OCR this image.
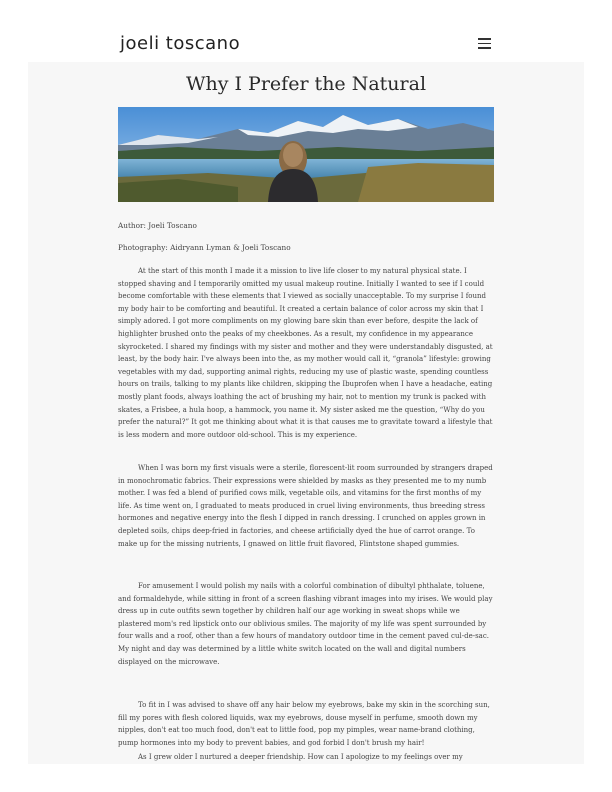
joeli toscano
Why I Prefer the Natural
Author: Joeli Toscano
Photography: Aidryann Lyman & Joeli Toscano

At the start of this month I made it a mission to live life closer to my natural physical state. I stopped shaving and I temporarily omitted my usual makeup routine. Initially I wanted to see if I could become comfortable with these elements that I viewed as socially unacceptable. To my surprise I found my body hair to be comforting and beautiful. It created a certain balance of color across my skin that I simply adored. I got more compliments on my glowing bare skin than ever before, despite the lack of highlighter brushed onto the peaks of my cheekbones. As a result, my confidence in my appearance skyrocketed. I shared my findings with my sister and mother and they were understandably disgusted, at least, by the body hair. I've always been into the, as my mother would call it, “granola” lifestyle: growing vegetables with my dad, supporting animal rights, reducing my use of plastic waste, spending countless hours on trails, talking to my plants like children, skipping the Ibuprofen when I have a headache, eating mostly plant foods, always loathing the act of brushing my hair, not to mention my trunk is packed with skates, a Frisbee, a hula hoop, a hammock, you name it. My sister asked me the question, “Why do you prefer the natural?” It got me thinking about what it is that causes me to gravitate toward a lifestyle that is less modern and more outdoor old-school. This is my experience.

When I was born my first visuals were a sterile, florescent-lit room surrounded by strangers draped in monochromatic fabrics. Their expressions were shielded by masks as they presented me to my numb mother. I was fed a blend of purified cows milk, vegetable oils, and vitamins for the first months of my life. As time went on, I graduated to meats produced in cruel living environments, thus breeding stress hormones and negative energy into the flesh I dipped in ranch dressing. I crunched on apples grown in depleted soils, chips deep-fried in factories, and cheese artificially dyed the hue of carrot orange. To make up for the missing nutrients, I gnawed on little fruit flavored, Flintstone shaped gummies.

For amusement I would polish my nails with a colorful combination of dibultyl phthalate, toluene, and formaldehyde, while sitting in front of a screen flashing vibrant images into my irises. We would play dress up in cute outfits sewn together by children half our age working in sweat shops while we plastered mom's red lipstick onto our oblivious smiles. The majority of my life was spent surrounded by four walls and a roof, other than a few hours of mandatory outdoor time in the cement paved cul-de-sac. My night and day was determined by a little white switch located on the wall and digital numbers displayed on the microwave.

To fit in I was advised to shave off any hair below my eyebrows, bake my skin in the scorching sun, fill my pores with flesh colored liquids, wax my eyebrows, douse myself in perfume, smooth down my nipples, don't eat too much food, don't eat to little food, pop my pimples, wear name-brand clothing, pump hormones into my body to prevent babies, and god forbid I don't brush my hair!

As I grew older I nurtured a deeper friendship. How can I apologize to my feelings over my
